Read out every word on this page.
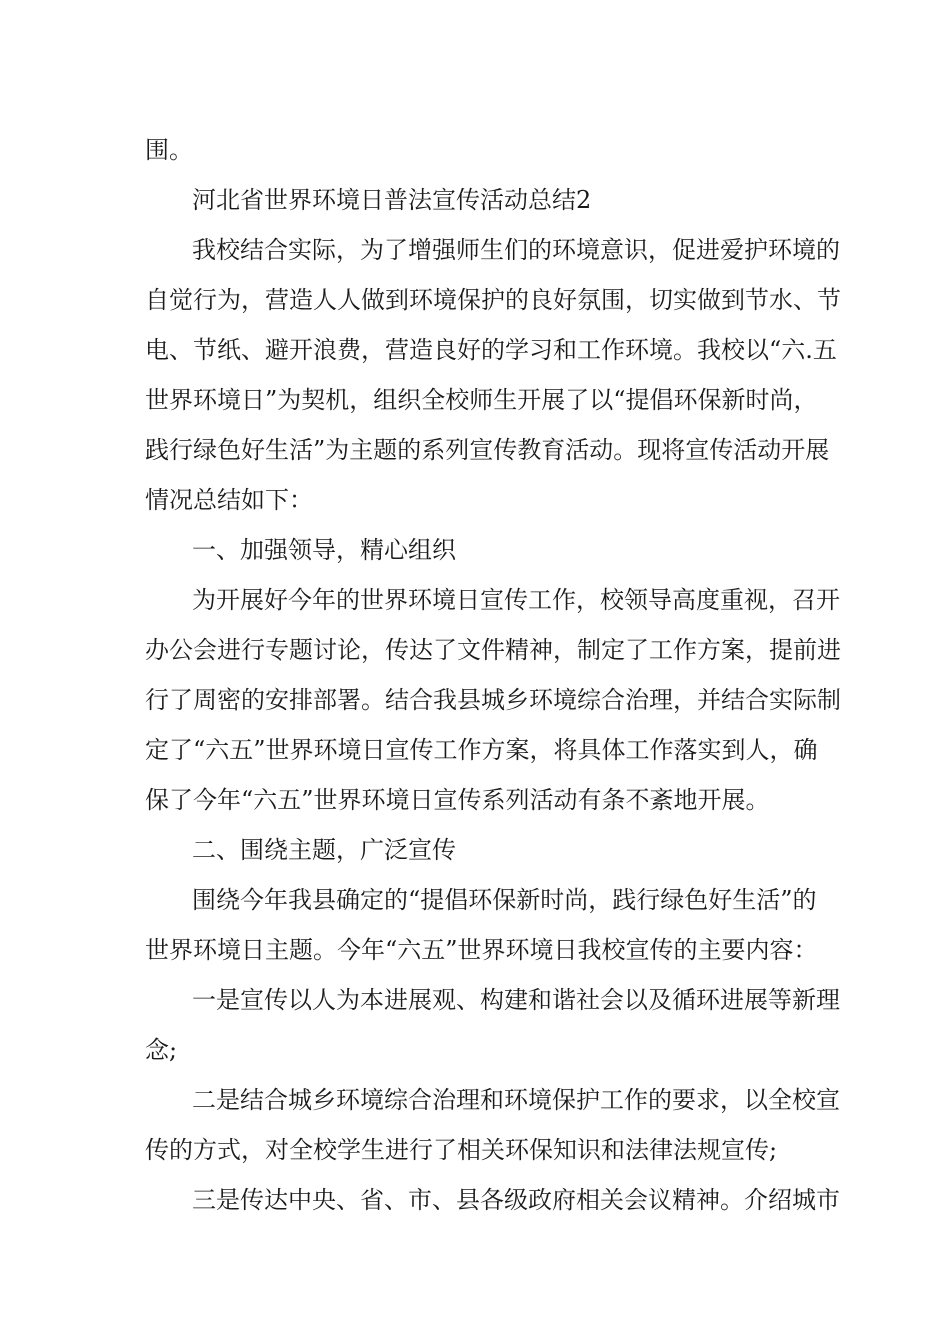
围。
河北省世界环境日普法宣传活动总结2
我校结合实际，为了增强师生们的环境意识，促进爱护环境的
自觉行为，营造人人做到环境保护的良好氛围，切实做到节水、节
电、节纸、避开浪费，营造良好的学习和工作环境。我校以“六.五
世界环境日”为契机，组织全校师生开展了以“提倡环保新时尚，
践行绿色好生活”为主题的系列宣传教育活动。现将宣传活动开展
情况总结如下：
一、加强领导，精心组织
为开展好今年的世界环境日宣传工作，校领导高度重视，召开
办公会进行专题讨论，传达了文件精神，制定了工作方案，提前进
行了周密的安排部署。结合我县城乡环境综合治理，并结合实际制
定了“六五”世界环境日宣传工作方案，将具体工作落实到人，确
保了今年“六五”世界环境日宣传系列活动有条不紊地开展。
二、围绕主题，广泛宣传
围绕今年我县确定的“提倡环保新时尚，践行绿色好生活”的
世界环境日主题。今年“六五”世界环境日我校宣传的主要内容：
一是宣传以人为本进展观、构建和谐社会以及循环进展等新理
念;
二是结合城乡环境综合治理和环境保护工作的要求，以全校宣
传的方式，对全校学生进行了相关环保知识和法律法规宣传;
三是传达中央、省、市、县各级政府相关会议精神。介绍城市
